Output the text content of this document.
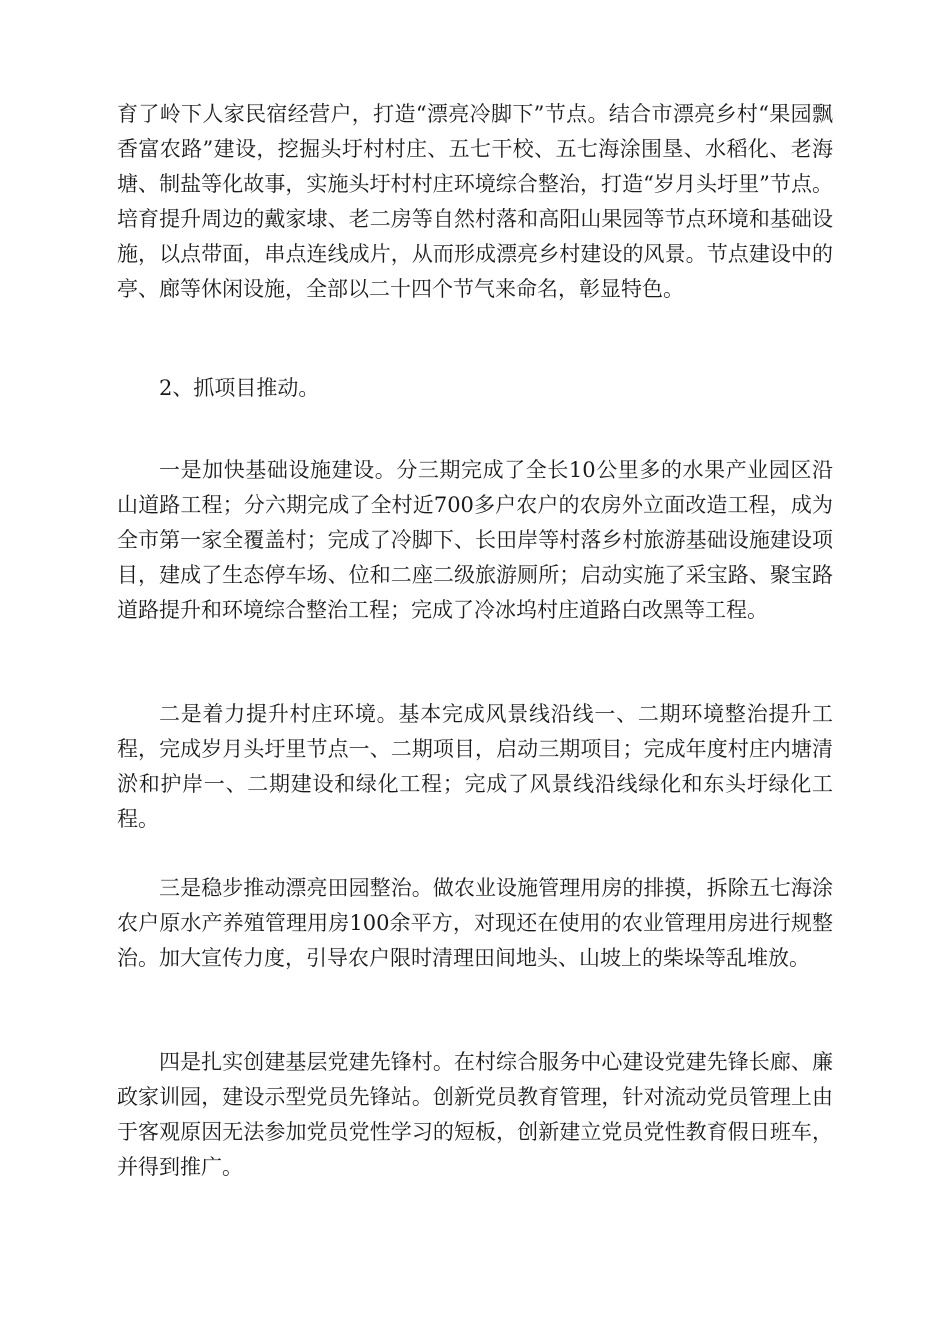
育了岭下人家民宿经营户，打造“漂亮冷脚下”节点。结合市漂亮乡村“果园飘香富农路”建设，挖掘头圩村村庄、五七干校、五七海涂围垦、水稻化、老海塘、制盐等化故事，实施头圩村村庄环境综合整治，打造“岁月头圩里”节点。培育提升周边的戴家埭、老二房等自然村落和高阳山果园等节点环境和基础设施，以点带面，串点连线成片，从而形成漂亮乡村建设的风景。节点建设中的亭、廊等休闲设施，全部以二十四个节气来命名，彰显特色。

2、抓项目推动。

一是加快基础设施建设。分三期完成了全长10公里多的水果产业园区沿山道路工程；分六期完成了全村近700多户农户的农房外立面改造工程，成为全市第一家全覆盖村；完成了冷脚下、长田岸等村落乡村旅游基础设施建设项目，建成了生态停车场、位和二座二级旅游厕所；启动实施了采宝路、聚宝路道路提升和环境综合整治工程；完成了冷冰坞村庄道路白改黑等工程。

二是着力提升村庄环境。基本完成风景线沿线一、二期环境整治提升工程，完成岁月头圩里节点一、二期项目，启动三期项目；完成年度村庄内塘清淤和护岸一、二期建设和绿化工程；完成了风景线沿线绿化和东头圩绿化工程。

三是稳步推动漂亮田园整治。做农业设施管理用房的排摸，拆除五七海涂农户原水产养殖管理用房100余平方，对现还在使用的农业管理用房进行规整治。加大宣传力度，引导农户限时清理田间地头、山坡上的柴垛等乱堆放。

四是扎实创建基层党建先锋村。在村综合服务中心建设党建先锋长廊、廉政家训园，建设示型党员先锋站。创新党员教育管理，针对流动党员管理上由于客观原因无法参加党员党性学习的短板，创新建立党员党性教育假日班车，并得到推广。
